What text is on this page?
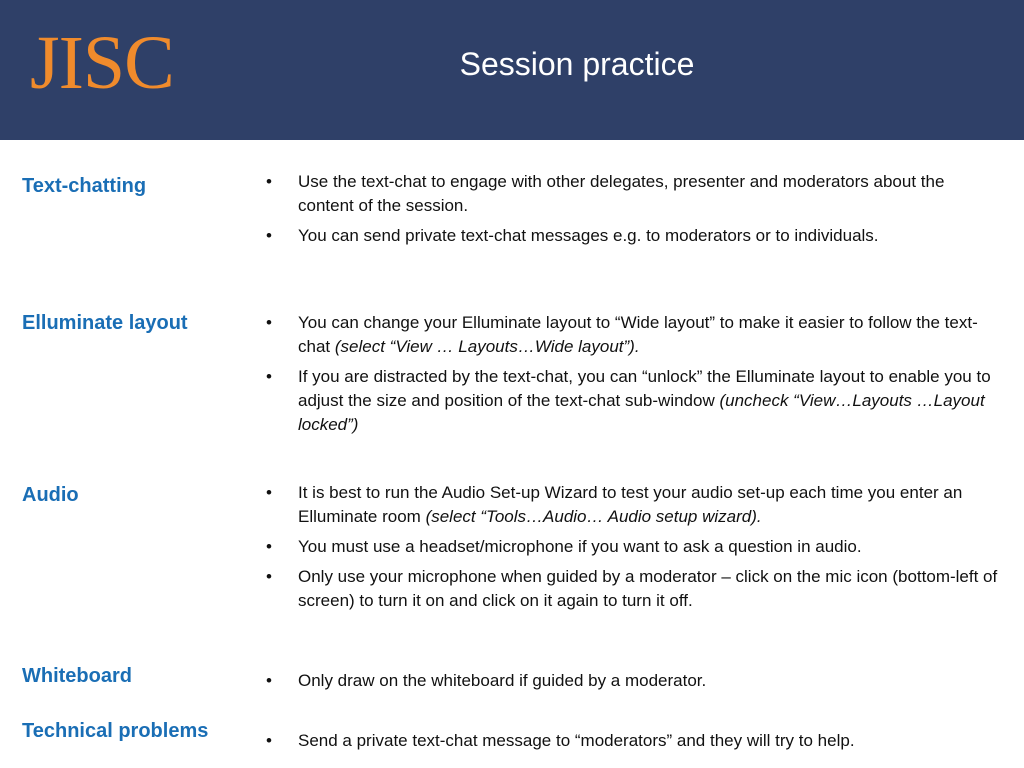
JISC	Session practice
Text-chatting	• Use the text-chat to engage with other delegates, presenter and moderators about the content of the session.
• You can send private text-chat messages e.g. to moderators or to individuals.
Elluminate layout	• You can change your Elluminate layout to “Wide layout” to make it easier to follow the text-chat (select “View … Layouts…Wide layout”).
• If you are distracted by the text-chat, you can “unlock” the Elluminate layout to enable you to adjust the size and position of the text-chat sub-window (uncheck “View…Layouts …Layout locked”)
Audio	• It is best to run the Audio Set-up Wizard to test your audio set-up each time you enter an Elluminate room (select “Tools…Audio… Audio setup wizard).
• You must use a headset/microphone if you want to ask a question in audio.
• Only use your microphone when guided by a moderator – click on the mic icon (bottom-left of screen) to turn it on and click on it again to turn it off.
Whiteboard	• Only draw on the whiteboard if guided by a moderator.
Technical problems	• Send a private text-chat message to “moderators” and they will try to help.
